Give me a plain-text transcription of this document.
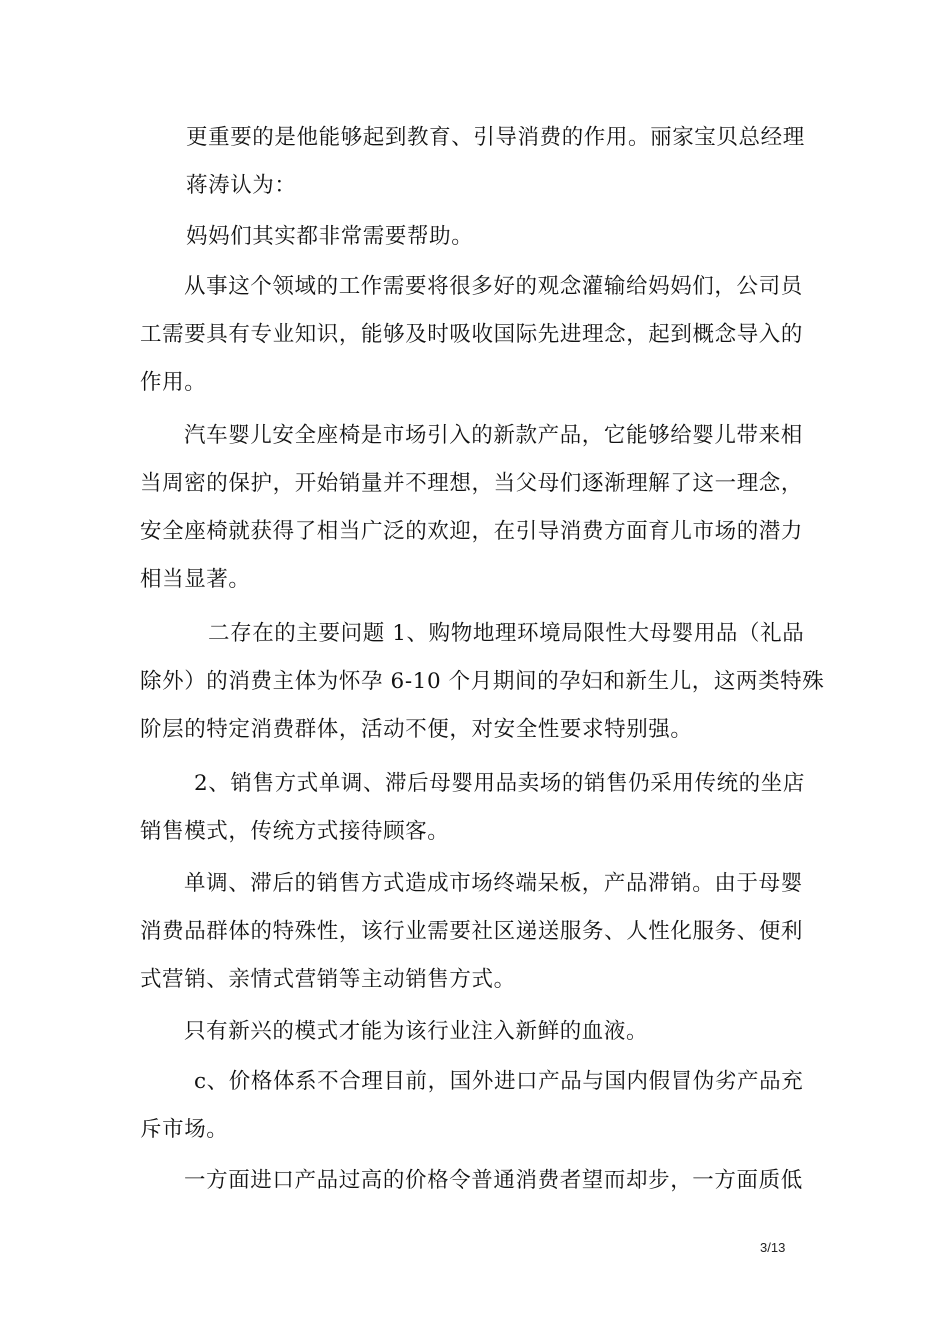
更重要的是他能够起到教育、引导消费的作用。丽家宝贝总经理
蒋涛认为：
妈妈们其实都非常需要帮助。
从事这个领域的工作需要将很多好的观念灌输给妈妈们，公司员
工需要具有专业知识，能够及时吸收国际先进理念，起到概念导入的
作用。
汽车婴儿安全座椅是市场引入的新款产品，它能够给婴儿带来相
当周密的保护，开始销量并不理想，当父母们逐渐理解了这一理念，
安全座椅就获得了相当广泛的欢迎，在引导消费方面育儿市场的潜力
相当显著。
二存在的主要问题 1、购物地理环境局限性大母婴用品（礼品
除外）的消费主体为怀孕 6-10 个月期间的孕妇和新生儿，这两类特殊
阶层的特定消费群体，活动不便，对安全性要求特别强。
2、销售方式单调、滞后母婴用品卖场的销售仍采用传统的坐店
销售模式，传统方式接待顾客。
单调、滞后的销售方式造成市场终端呆板，产品滞销。由于母婴
消费品群体的特殊性，该行业需要社区递送服务、人性化服务、便利
式营销、亲情式营销等主动销售方式。
只有新兴的模式才能为该行业注入新鲜的血液。
c、价格体系不合理目前，国外进口产品与国内假冒伪劣产品充
斥市场。
一方面进口产品过高的价格令普通消费者望而却步，一方面质低
3/13
